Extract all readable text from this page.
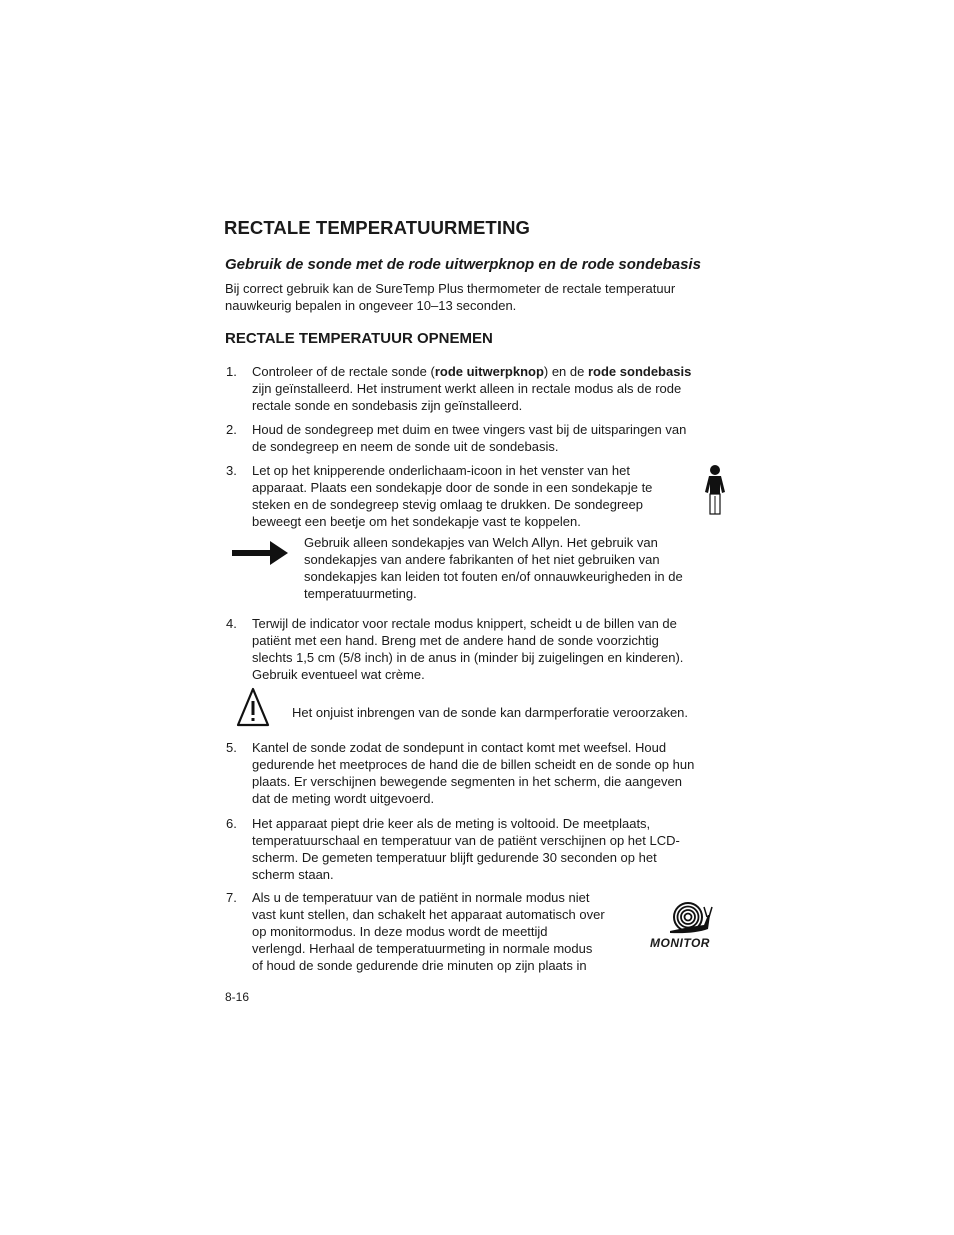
RECTALE TEMPERATUURMETING
Gebruik de sonde met de rode uitwerpknop en de rode sondebasis
Bij correct gebruik kan de SureTemp Plus thermometer de rectale temperatuur
nauwkeurig bepalen in ongeveer 10–13 seconden.
RECTALE TEMPERATUUR OPNEMEN
1. Controleer of de rectale sonde (rode uitwerpknop) en de rode sondebasis
zijn geïnstalleerd. Het instrument werkt alleen in rectale modus als de rode
rectale sonde en sondebasis zijn geïnstalleerd.
2. Houd de sondegreep met duim en twee vingers vast bij de uitsparingen van
de sondegreep en neem de sonde uit de sondebasis.
3. Let op het knipperende onderlichaam-icoon in het venster van het
apparaat. Plaats een sondekapje door de sonde in een sondekapje te
steken en de sondegreep stevig omlaag te drukken. De sondegreep
beweegt een beetje om het sondekapje vast te koppelen.
Gebruik alleen sondekapjes van Welch Allyn. Het gebruik van
sondekapjes van andere fabrikanten of het niet gebruiken van
sondekapjes kan leiden tot fouten en/of onnauwkeurigheden in de
temperatuurmeting.
4. Terwijl de indicator voor rectale modus knippert, scheidt u de billen van de
patiënt met een hand. Breng met de andere hand de sonde voorzichtig
slechts 1,5 cm (5/8 inch) in de anus in (minder bij zuigelingen en kinderen).
Gebruik eventueel wat crème.
Het onjuist inbrengen van de sonde kan darmperforatie veroorzaken.
5. Kantel de sonde zodat de sondepunt in contact komt met weefsel. Houd
gedurende het meetproces de hand die de billen scheidt en de sonde op hun
plaats. Er verschijnen bewegende segmenten in het scherm, die aangeven
dat de meting wordt uitgevoerd.
6. Het apparaat piept drie keer als de meting is voltooid. De meetplaats,
temperatuurschaal en temperatuur van de patiënt verschijnen op het LCD-
scherm. De gemeten temperatuur blijft gedurende 30 seconden op het
scherm staan.
7. Als u de temperatuur van de patiënt in normale modus niet
vast kunt stellen, dan schakelt het apparaat automatisch over
op monitormodus. In deze modus wordt de meettijd
verlengd. Herhaal de temperatuurmeting in normale modus
of houd de sonde gedurende drie minuten op zijn plaats in
MONITOR
8-16
